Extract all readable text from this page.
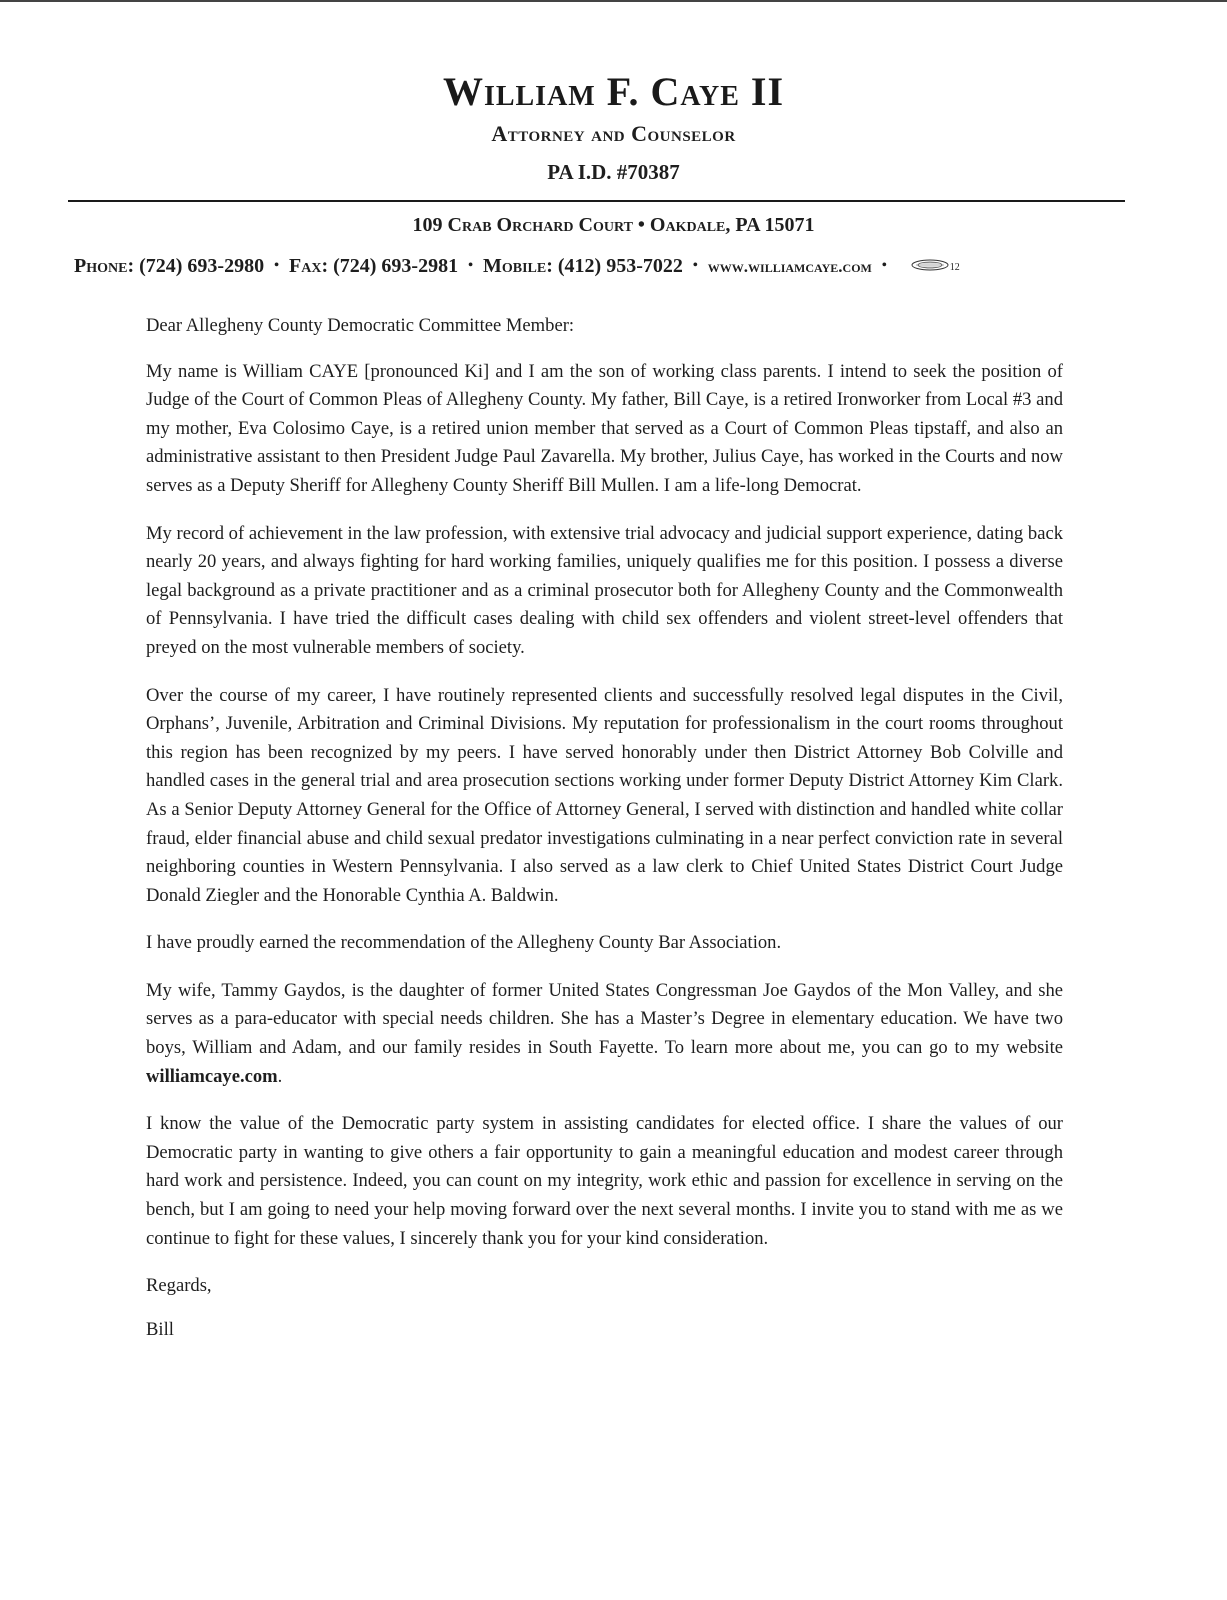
William F. Caye II
Attorney and Counselor
PA I.D. #70387
109 Crab Orchard Court • Oakdale, PA 15071
Phone: (724) 693-2980 • Fax: (724) 693-2981 • Mobile: (412) 953-7022 • www.williamcaye.com •	12

Dear Allegheny County Democratic Committee Member:

My name is William CAYE [pronounced Ki] and I am the son of working class parents. I intend to seek the position of Judge of the Court of Common Pleas of Allegheny County. My father, Bill Caye, is a retired Ironworker from Local #3 and my mother, Eva Colosimo Caye, is a retired union member that served as a Court of Common Pleas tipstaff, and also an administrative assistant to then President Judge Paul Zavarella. My brother, Julius Caye, has worked in the Courts and now serves as a Deputy Sheriff for Allegheny County Sheriff Bill Mullen. I am a life-long Democrat.

My record of achievement in the law profession, with extensive trial advocacy and judicial support experience, dating back nearly 20 years, and always fighting for hard working families, uniquely qualifies me for this position. I possess a diverse legal background as a private practitioner and as a criminal prosecutor both for Allegheny County and the Commonwealth of Pennsylvania. I have tried the difficult cases dealing with child sex offenders and violent street-level offenders that preyed on the most vulnerable members of society.

Over the course of my career, I have routinely represented clients and successfully resolved legal disputes in the Civil, Orphans’, Juvenile, Arbitration and Criminal Divisions. My reputation for professionalism in the court rooms throughout this region has been recognized by my peers. I have served honorably under then District Attorney Bob Colville and handled cases in the general trial and area prosecution sections working under former Deputy District Attorney Kim Clark. As a Senior Deputy Attorney General for the Office of Attorney General, I served with distinction and handled white collar fraud, elder financial abuse and child sexual predator investigations culminating in a near perfect conviction rate in several neighboring counties in Western Pennsylvania. I also served as a law clerk to Chief United States District Court Judge Donald Ziegler and the Honorable Cynthia A. Baldwin.

I have proudly earned the recommendation of the Allegheny County Bar Association.

My wife, Tammy Gaydos, is the daughter of former United States Congressman Joe Gaydos of the Mon Valley, and she serves as a para-educator with special needs children. She has a Master’s Degree in elementary education. We have two boys, William and Adam, and our family resides in South Fayette. To learn more about me, you can go to my website williamcaye.com.

I know the value of the Democratic party system in assisting candidates for elected office. I share the values of our Democratic party in wanting to give others a fair opportunity to gain a meaningful education and modest career through hard work and persistence. Indeed, you can count on my integrity, work ethic and passion for excellence in serving on the bench, but I am going to need your help moving forward over the next several months. I invite you to stand with me as we continue to fight for these values, I sincerely thank you for your kind consideration.

Regards,

Bill
